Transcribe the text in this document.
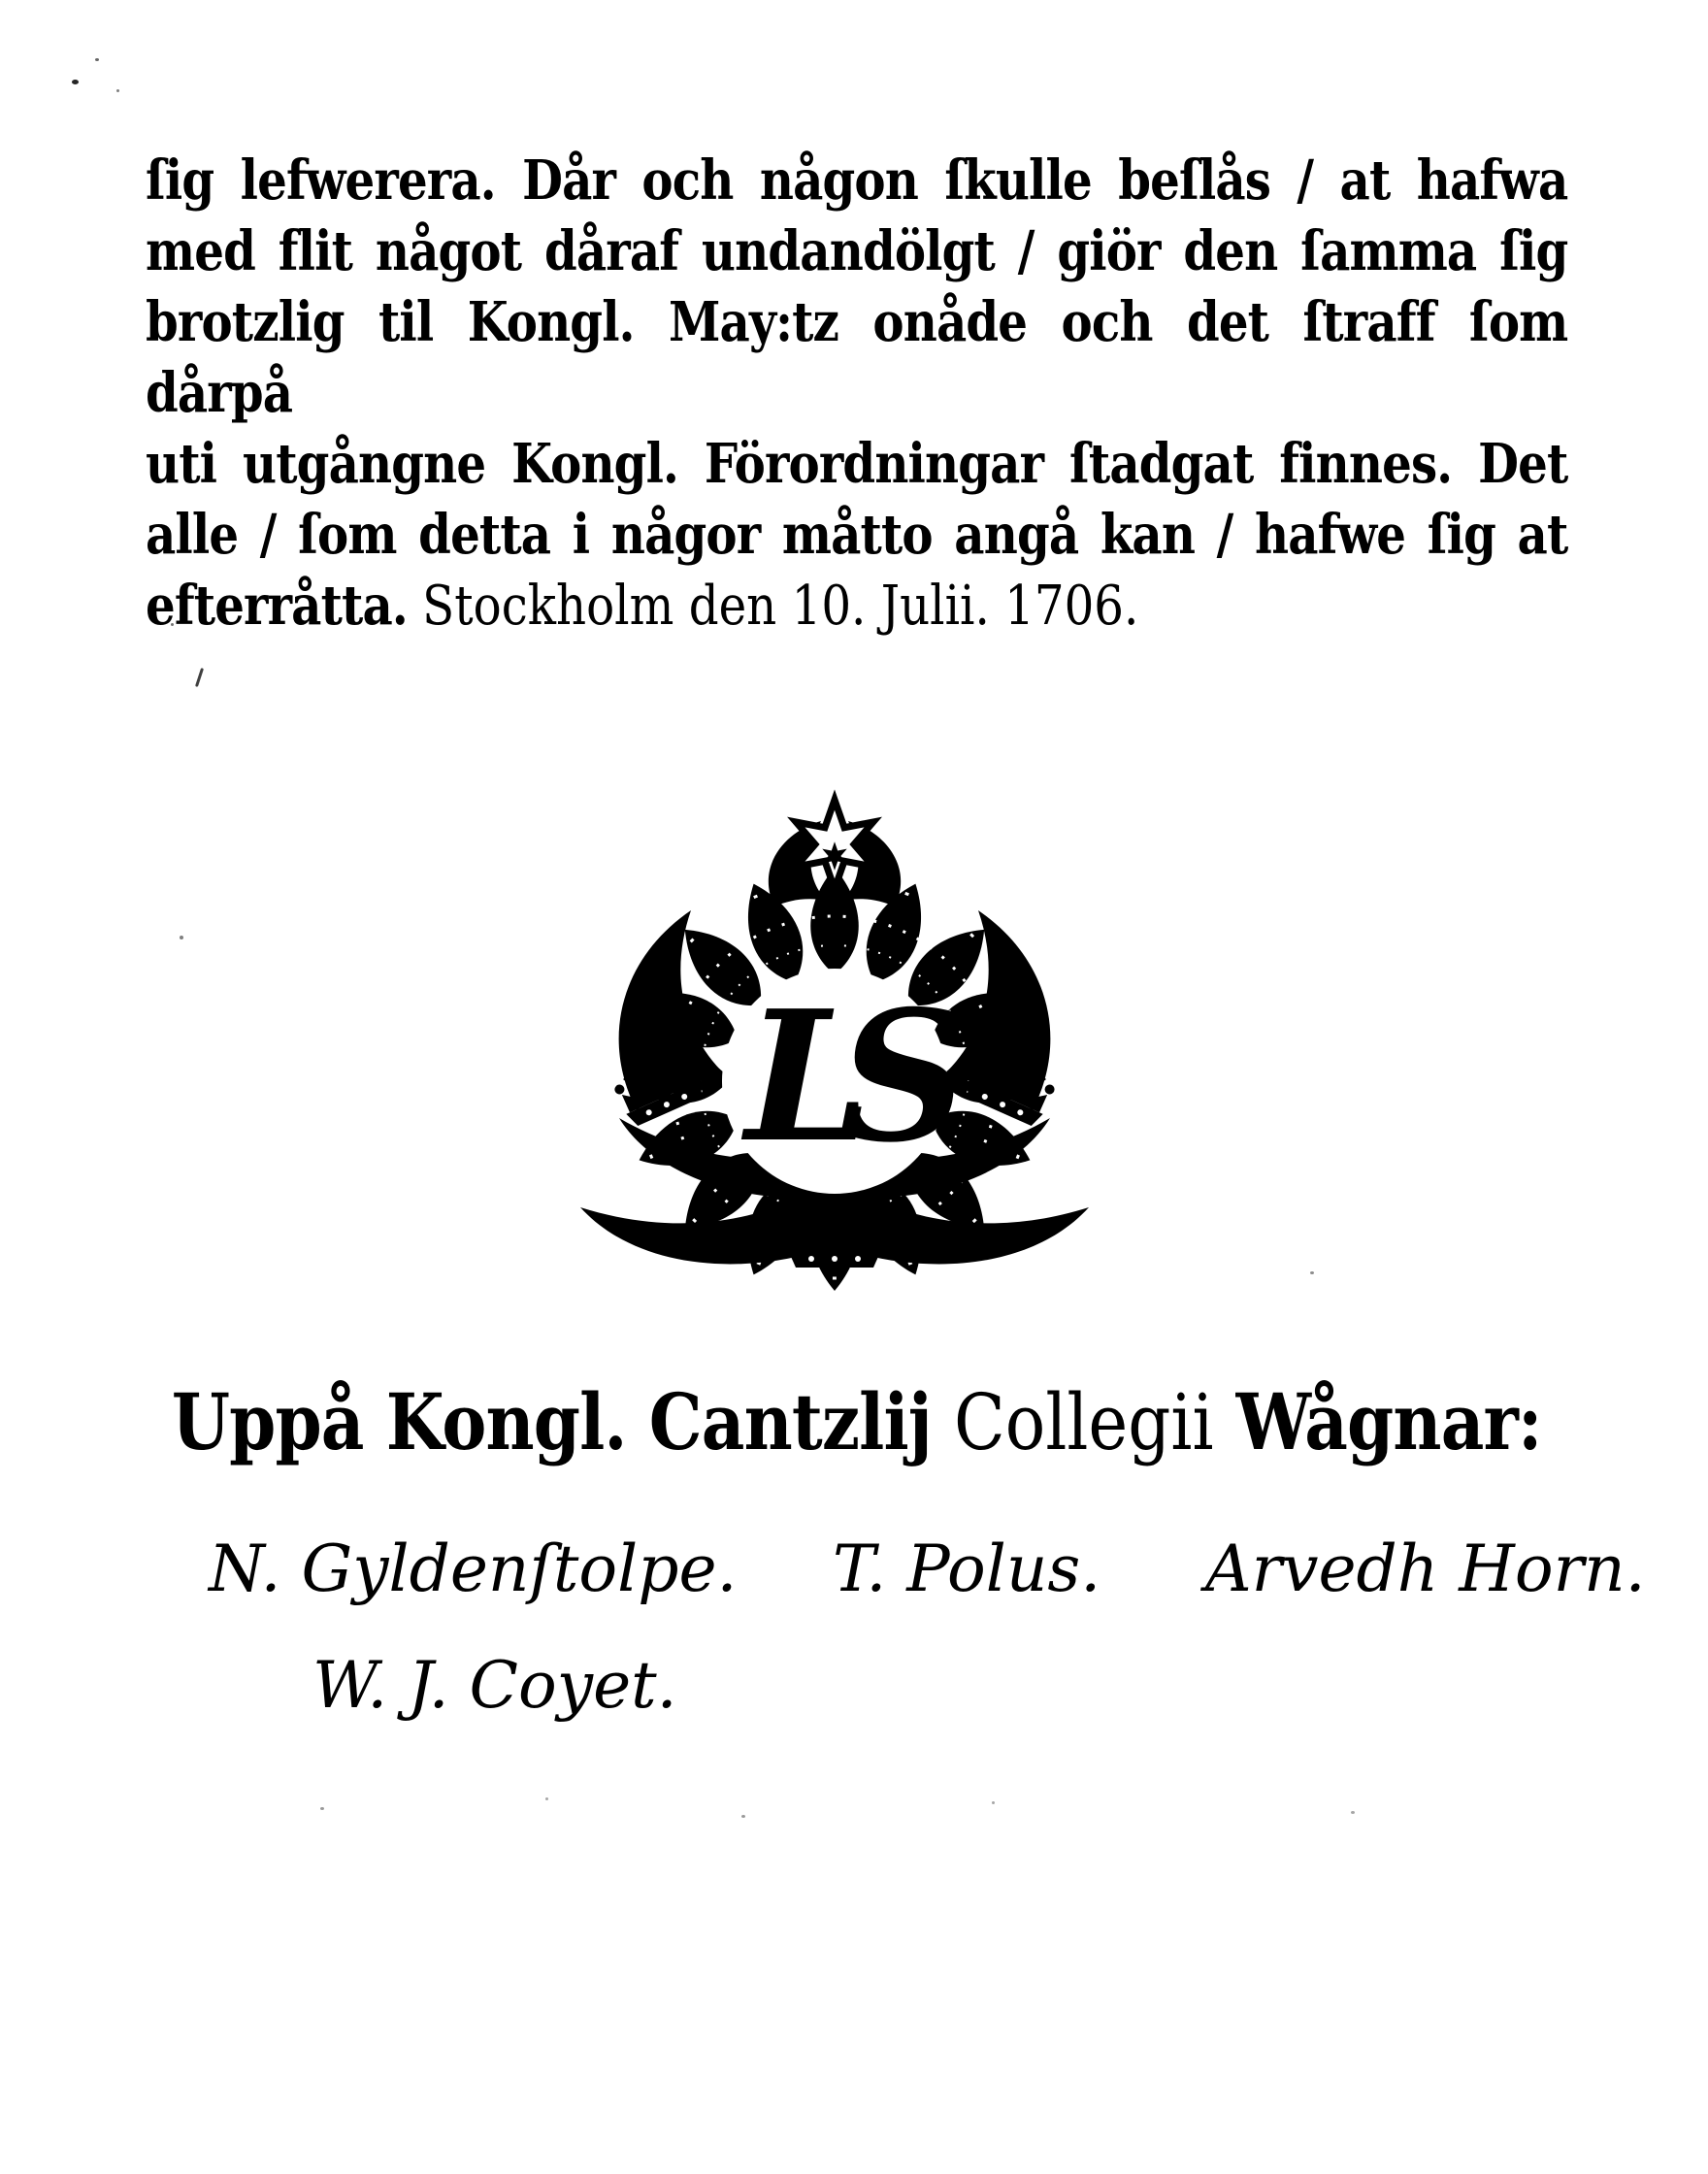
ſig lefwerera. Dår och någon ſkulle beſlås / at hafwa
med flit något dåraf undandölgt / giör den ſamma ſig
brotzlig til Kongl. May:tz onåde och det ſtraff ſom dårpå
uti utgångne Kongl. Förordningar ſtadgat finnes. Det
alle / ſom detta i någor måtto angå kan / hafwe ſig at
efterråtta. Stockholm den 10. Julii. 1706.
LS
Uppå Kongl. Cantzlij Collegii Wågnar:
N. Gyldenſtolpe. T. Polus. Arvedh Horn.
W. J. Coyet.
